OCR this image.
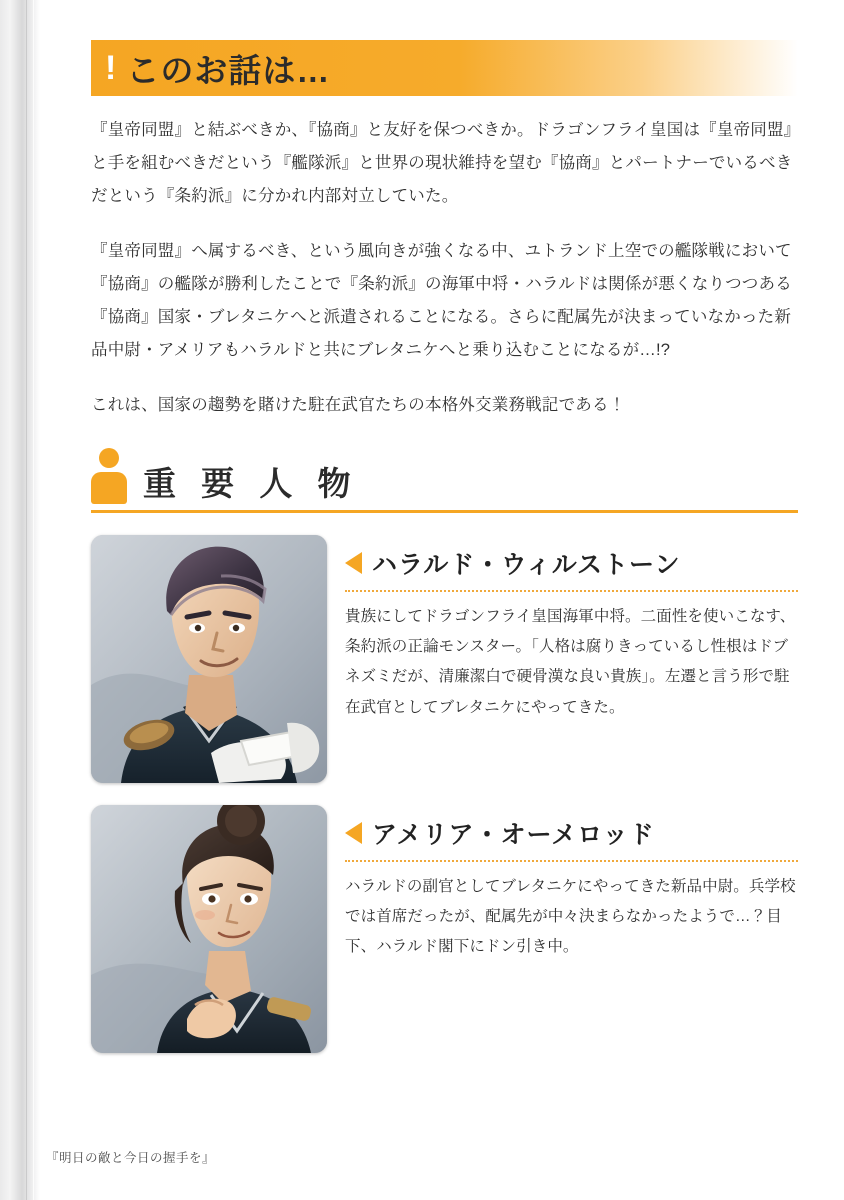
! このお話は…

『皇帝同盟』と結ぶべきか、『協商』と友好を保つべきか。ドラゴンフライ皇国は『皇帝同盟』と手を組むべきだという『艦隊派』と世界の現状維持を望む『協商』とパートナーでいるべきだという『条約派』に分かれ内部対立していた。

『皇帝同盟』へ属するべき、という風向きが強くなる中、ユトランド上空での艦隊戦において『協商』の艦隊が勝利したことで『条約派』の海軍中将・ハラルドは関係が悪くなりつつある『協商』国家・ブレタニケへと派遣されることになる。さらに配属先が決まっていなかった新品中尉・アメリアもハラルドと共にブレタニケへと乗り込むことになるが…!?

これは、国家の趨勢を賭けた駐在武官たちの本格外交業務戦記である！

重 要 人 物
ハラルド・ウィルストーン
貴族にしてドラゴンフライ皇国海軍中将。二面性を使いこなす、条約派の正論モンスター。「人格は腐りきっているし性根はドブネズミだが、清廉潔白で硬骨漢な良い貴族」。左遷と言う形で駐在武官としてブレタニケにやってきた。
アメリア・オーメロッド
ハラルドの副官としてブレタニケにやってきた新品中尉。兵学校では首席だったが、配属先が中々決まらなかったようで…？目下、ハラルド閣下にドン引き中。
『明日の敵と今日の握手を』
